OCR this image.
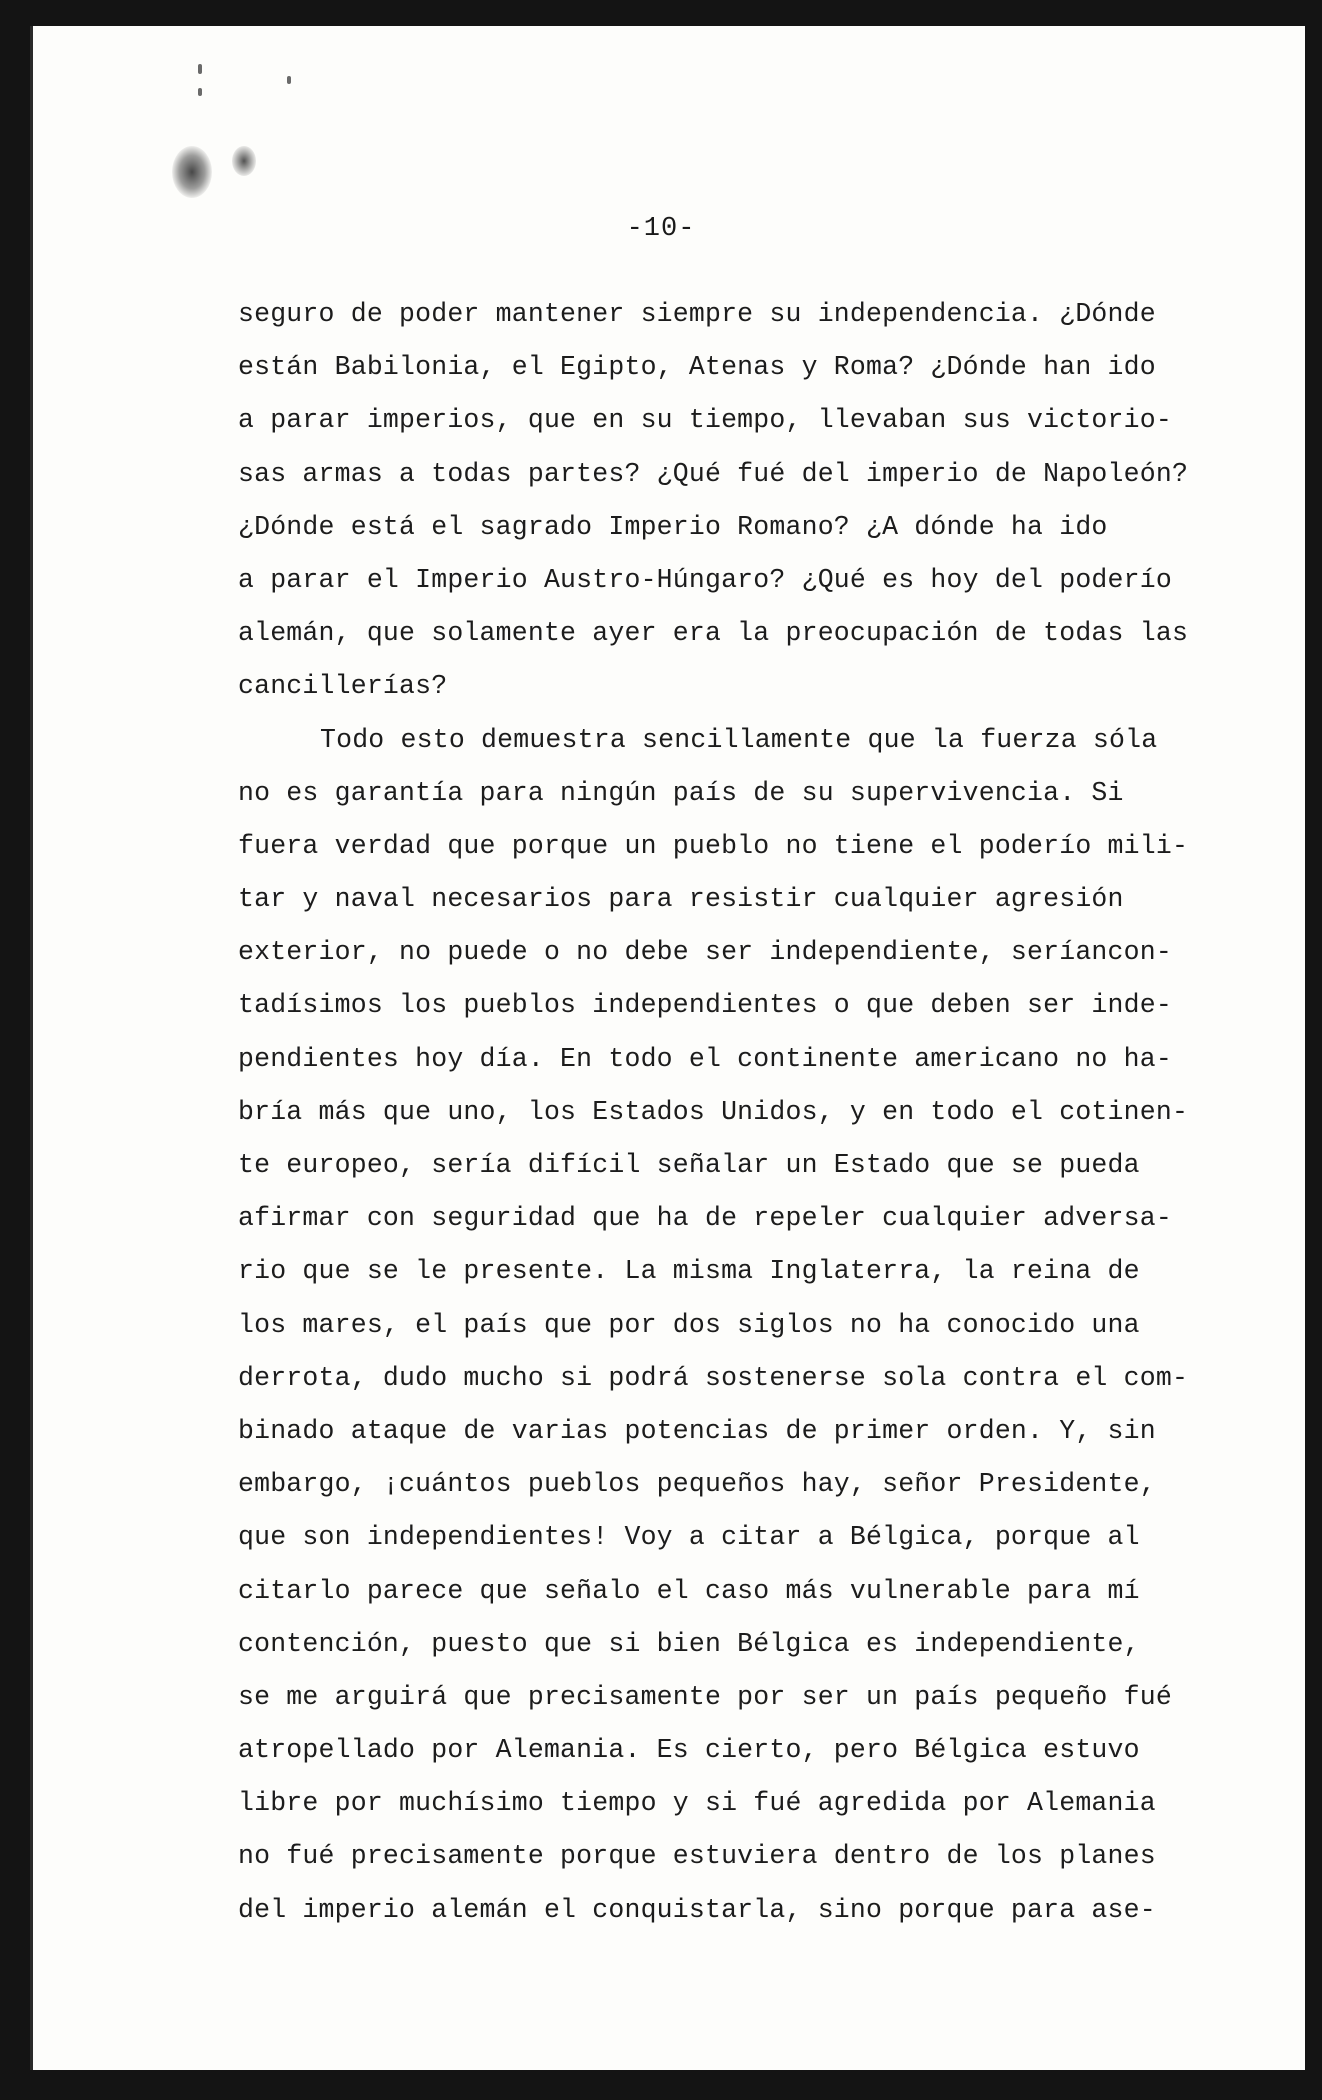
-10-
seguro de poder mantener siempre su independencia. ¿Dónde
están Babilonia, el Egipto, Atenas y Roma? ¿Dónde han ido
a parar imperios, que en su tiempo, llevaban sus victorio-
sas armas a todas partes? ¿Qué fué del imperio de Napoleón?
¿Dónde está el sagrado Imperio Romano? ¿A dónde ha ido
a parar el Imperio Austro-Húngaro? ¿Qué es hoy del poderío
alemán, que solamente ayer era la preocupación de todas las
cancillerías?
Todo esto demuestra sencillamente que la fuerza sóla
no es garantía para ningún país de su supervivencia. Si
fuera verdad que porque un pueblo no tiene el poderío mili-
tar y naval necesarios para resistir cualquier agresión
exterior, no puede o no debe ser independiente, seríancon-
tadísimos los pueblos independientes o que deben ser inde-
pendientes hoy día. En todo el continente americano no ha-
bría más que uno, los Estados Unidos, y en todo el cotinen-
te europeo, sería difícil señalar un Estado que se pueda
afirmar con seguridad que ha de repeler cualquier adversa-
rio que se le presente. La misma Inglaterra, la reina de
los mares, el país que por dos siglos no ha conocido una
derrota, dudo mucho si podrá sostenerse sola contra el com-
binado ataque de varias potencias de primer orden. Y, sin
embargo, ¡cuántos pueblos pequeños hay, señor Presidente,
que son independientes! Voy a citar a Bélgica, porque al
citarlo parece que señalo el caso más vulnerable para mí
contención, puesto que si bien Bélgica es independiente,
se me arguirá que precisamente por ser un país pequeño fué
atropellado por Alemania. Es cierto, pero Bélgica estuvo
libre por muchísimo tiempo y si fué agredida por Alemania
no fué precisamente porque estuviera dentro de los planes
del imperio alemán el conquistarla, sino porque para ase-
